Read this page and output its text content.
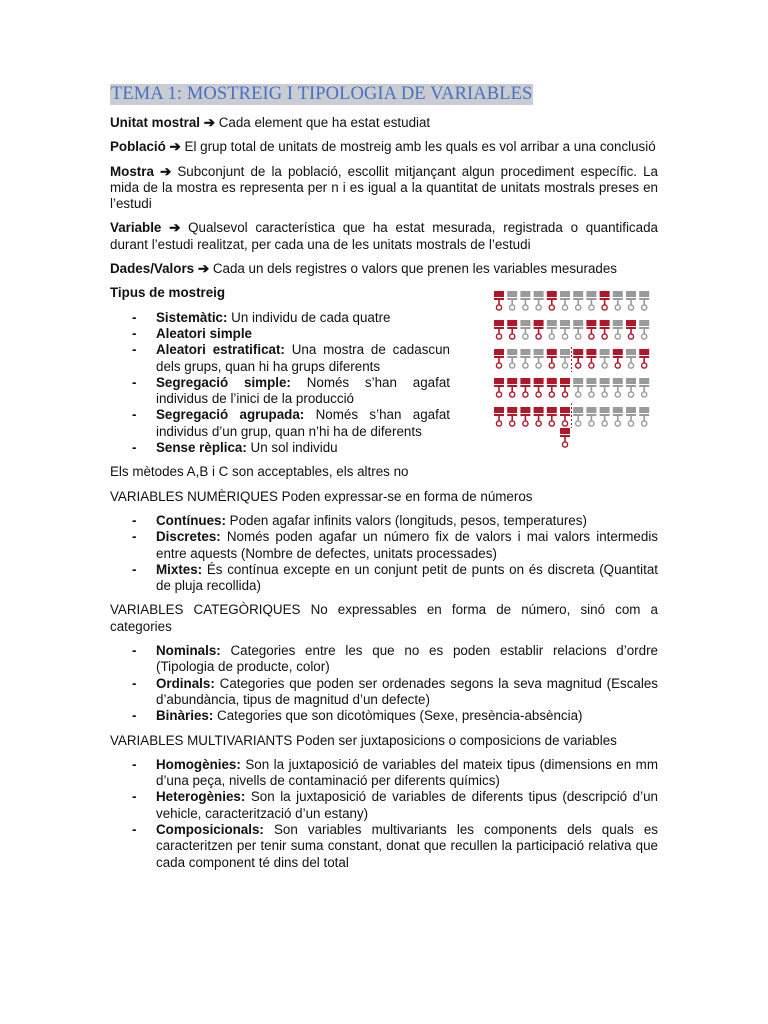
TEMA 1: MOSTREIG I TIPOLOGIA DE VARIABLES

Unitat mostral ➔ Cada element que ha estat estudiat

Població ➔ El grup total de unitats de mostreig amb les quals es vol arribar a una conclusió

Mostra ➔ Subconjunt de la població, escollit mitjançant algun procediment específic. La mida de la mostra es representa per n i es igual a la quantitat de unitats mostrals preses en l’estudi

Variable ➔ Qualsevol característica que ha estat mesurada, registrada o quantificada durant l’estudi realitzat, per cada una de les unitats mostrals de l’estudi

Dades/Valors ➔ Cada un dels registres o valors que prenen les variables mesurades

Tipus de mostreig

- Sistemàtic: Un individu de cada quatre
- Aleatori simple
- Aleatori estratificat: Una mostra de cadascun dels grups, quan hi ha grups diferents
- Segregació simple: Només s’han agafat individus de l’inici de la producció
- Segregació agrupada: Només s’han agafat individus d’un grup, quan n’hi ha de diferents
- Sense rèplica: Un sol individu

Els mètodes A,B i C son acceptables, els altres no

VARIABLES NUMÈRIQUES Poden expressar-se en forma de números

- Contínues: Poden agafar infinits valors (longituds, pesos, temperatures)
- Discretes: Només poden agafar un número fix de valors i mai valors intermedis entre aquests (Nombre de defectes, unitats processades)
- Mixtes: És contínua excepte en un conjunt petit de punts on és discreta (Quantitat de pluja recollida)

VARIABLES CATEGÒRIQUES No expressables en forma de número, sinó com a categories

- Nominals: Categories entre les que no es poden establir relacions d’ordre (Tipologia de producte, color)
- Ordinals: Categories que poden ser ordenades segons la seva magnitud (Escales d’abundància, tipus de magnitud d’un defecte)
- Binàries: Categories que son dicotòmiques (Sexe, presència-absència)

VARIABLES MULTIVARIANTS Poden ser juxtaposicions o composicions de variables

- Homogènies: Son la juxtaposició de variables del mateix tipus (dimensions en mm d’una peça, nivells de contaminació per diferents químics)
- Heterogènies: Son la juxtaposició de variables de diferents tipus (descripció d’un vehicle, caracterització d’un estany)
- Composicionals: Son variables multivariants les components dels quals es caracteritzen per tenir suma constant, donat que recullen la participació relativa que cada component té dins del total
